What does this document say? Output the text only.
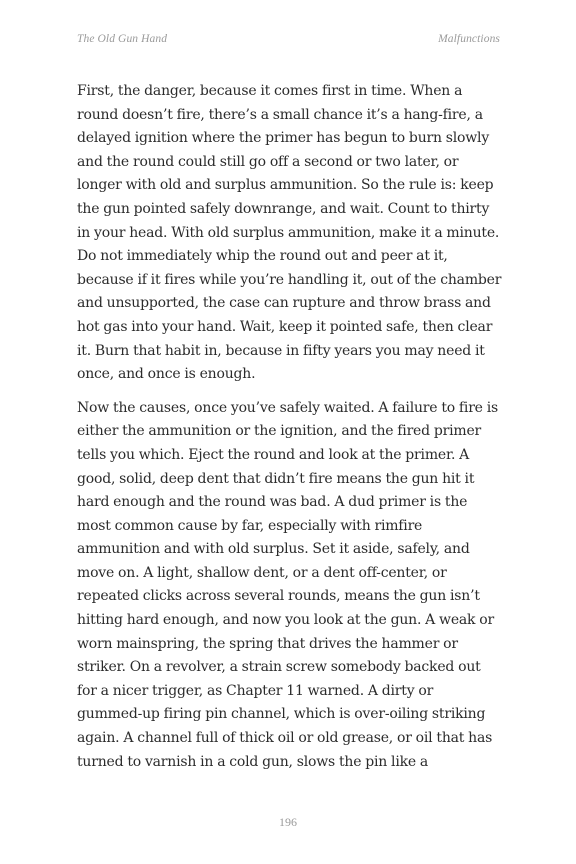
The Old Gun Hand	Malfunctions

First, the danger, because it comes first in time. When a round doesn’t fire, there’s a small chance it’s a hang-fire, a delayed ignition where the primer has begun to burn slowly and the round could still go off a second or two later, or longer with old and surplus ammunition. So the rule is: keep the gun pointed safely downrange, and wait. Count to thirty in your head. With old surplus ammunition, make it a minute. Do not immediately whip the round out and peer at it, because if it fires while you’re handling it, out of the chamber and unsupported, the case can rupture and throw brass and hot gas into your hand. Wait, keep it pointed safe, then clear it. Burn that habit in, because in fifty years you may need it once, and once is enough.

Now the causes, once you’ve safely waited. A failure to fire is either the ammunition or the ignition, and the fired primer tells you which. Eject the round and look at the primer. A good, solid, deep dent that didn’t fire means the gun hit it hard enough and the round was bad. A dud primer is the most common cause by far, especially with rimfire ammunition and with old surplus. Set it aside, safely, and move on. A light, shallow dent, or a dent off-center, or repeated clicks across several rounds, means the gun isn’t hitting hard enough, and now you look at the gun. A weak or worn mainspring, the spring that drives the hammer or striker. On a revolver, a strain screw somebody backed out for a nicer trigger, as Chapter 11 warned. A dirty or gummed-up firing pin channel, which is over-oiling striking again. A channel full of thick oil or old grease, or oil that has turned to varnish in a cold gun, slows the pin like a

196
